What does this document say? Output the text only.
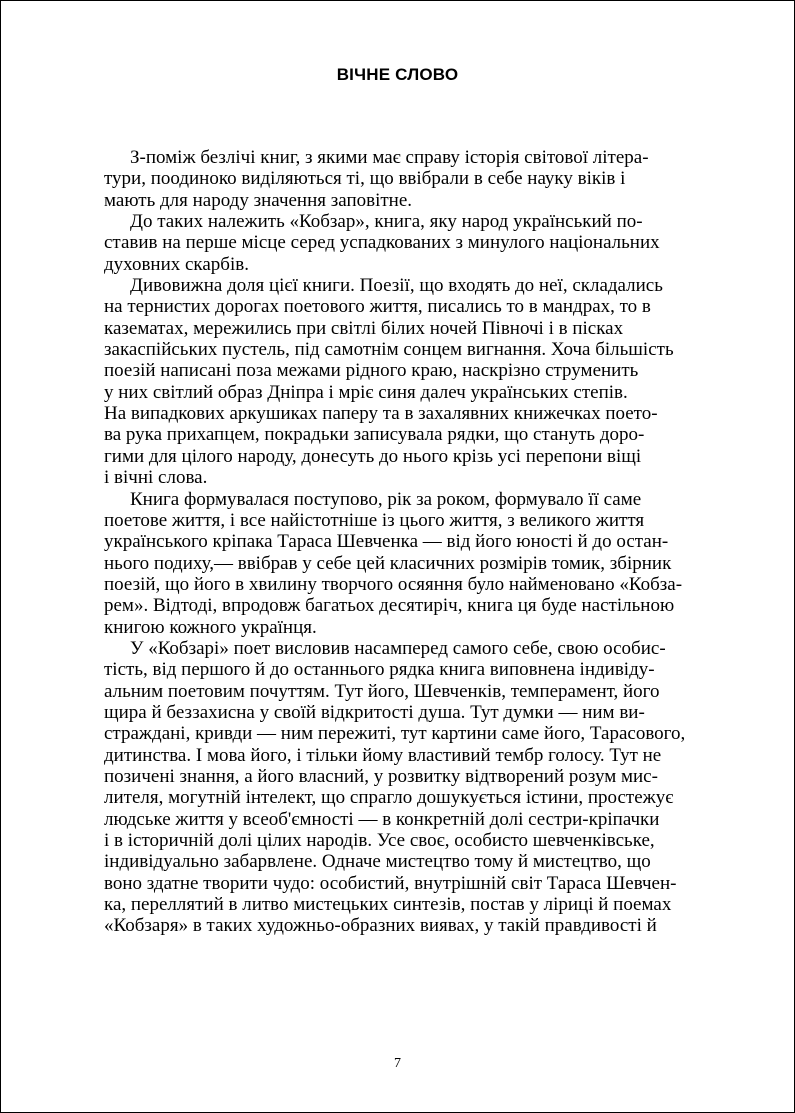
ВІЧНЕ СЛОВО
З-поміж безлічі книг, з якими має справу історія світової літера-
тури, поодиноко виділяються ті, що ввібрали в себе науку віків і
мають для народу значення заповітне.
До таких належить «Кобзар», книга, яку народ український по-
ставив на перше місце серед успадкованих з минулого національних
духовних скарбів.
Дивовижна доля цієї книги. Поезії, що входять до неї, складались
на тернистих дорогах поетового життя, писались то в мандрах, то в
казематах, мережились при світлі білих ночей Півночі і в пісках
закаспійських пустель, під самотнім сонцем вигнання. Хоча більшість
поезій написані поза межами рідного краю, наскрізно струменить
у них світлий образ Дніпра і мріє синя далеч українських степів.
На випадкових аркушиках паперу та в захалявних книжечках поето-
ва рука прихапцем, покрадьки записувала рядки, що стануть доро-
гими для цілого народу, донесуть до нього крізь усі перепони віщі
і вічні слова.
Книга формувалася поступово, рік за роком, формувало її саме
поетове життя, і все найістотніше із цього життя, з великого життя
українського кріпака Тараса Шевченка — від його юності й до остан-
нього подиху,— ввібрав у себе цей класичних розмірів томик, збірник
поезій, що його в хвилину творчого осяяння було найменовано «Кобза-
рем». Відтоді, впродовж багатьох десятиріч, книга ця буде настільною
книгою кожного українця.
У «Кобзарі» поет висловив насамперед самого себе, свою особис-
тість, від першого й до останнього рядка книга виповнена індивіду-
альним поетовим почуттям. Тут його, Шевченків, темперамент, його
щира й беззахисна у своїй відкритості душа. Тут думки — ним ви-
страждані, кривди — ним пережиті, тут картини саме його, Тарасового,
дитинства. І мова його, і тільки йому властивий тембр голосу. Тут не
позичені знання, а його власний, у розвитку відтворений розум мис-
лителя, могутній інтелект, що спрагло дошукується істини, простежує
людське життя у всеоб'ємності — в конкретній долі сестри-кріпачки
і в історичній долі цілих народів. Усе своє, особисто шевченківське,
індивідуально забарвлене. Одначе мистецтво тому й мистецтво, що
воно здатне творити чудо: особистий, внутрішній світ Тараса Шевчен-
ка, переллятий в литво мистецьких синтезів, постав у ліриці й поемах
«Кобзаря» в таких художньо-образних виявах, у такій правдивості й
7
